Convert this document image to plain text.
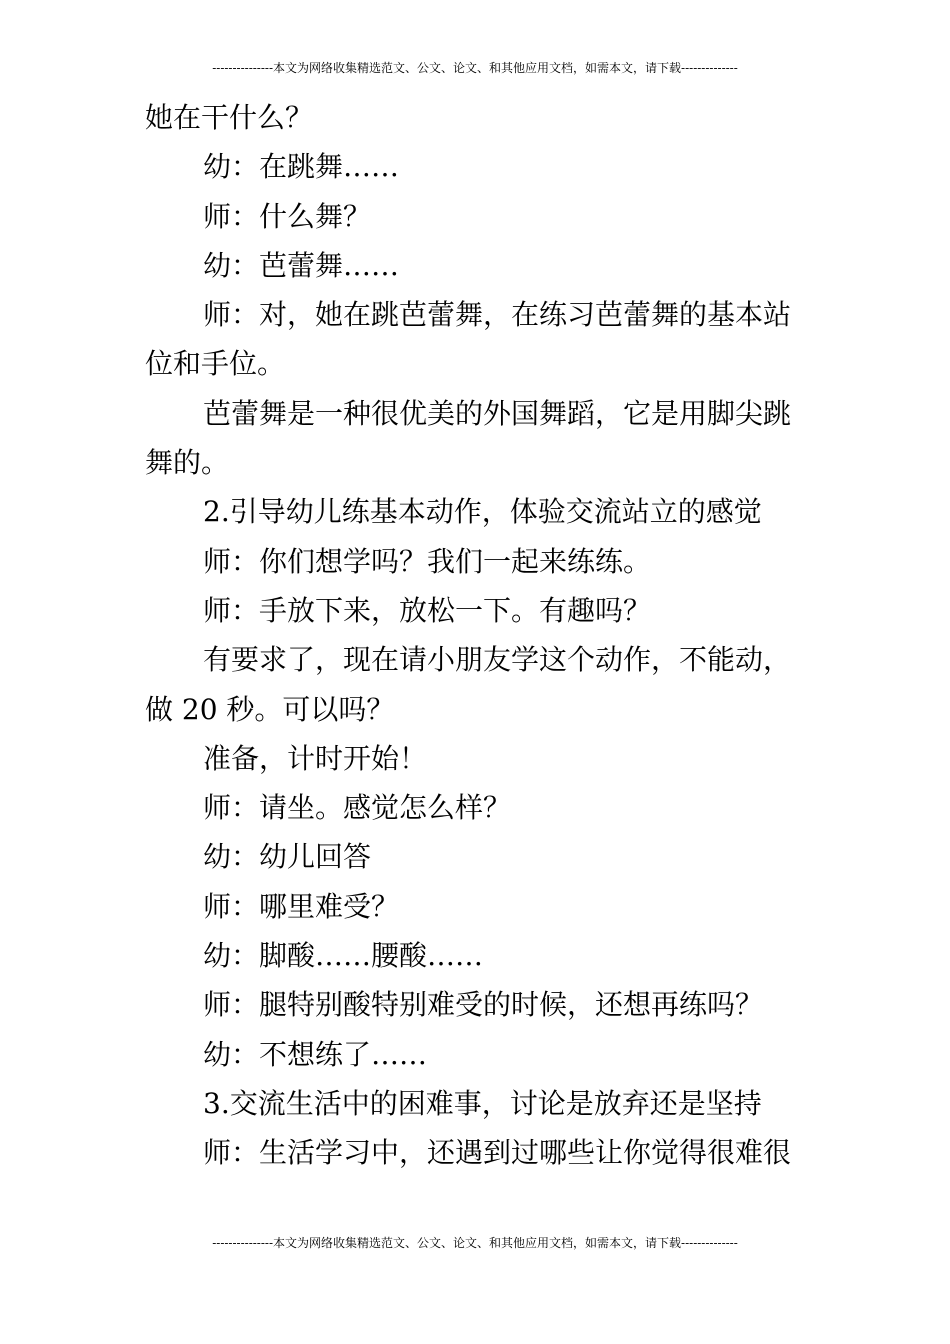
---------------本文为网络收集精选范文、公文、论文、和其他应用文档，如需本文，请下载--------------
她在干什么？
幼：在跳舞……
师：什么舞？
幼：芭蕾舞……
师：对，她在跳芭蕾舞，在练习芭蕾舞的基本站
位和手位。
芭蕾舞是一种很优美的外国舞蹈，它是用脚尖跳
舞的。
2.引导幼儿练基本动作，体验交流站立的感觉
师：你们想学吗？我们一起来练练。
师：手放下来，放松一下。有趣吗？
有要求了，现在请小朋友学这个动作，不能动，
做 20 秒。可以吗？
准备，计时开始！
师：请坐。感觉怎么样？
幼：幼儿回答
师：哪里难受？
幼：脚酸……腰酸……
师：腿特别酸特别难受的时候，还想再练吗？
幼：不想练了……
3.交流生活中的困难事，讨论是放弃还是坚持
师：生活学习中，还遇到过哪些让你觉得很难很
---------------本文为网络收集精选范文、公文、论文、和其他应用文档，如需本文，请下载--------------
